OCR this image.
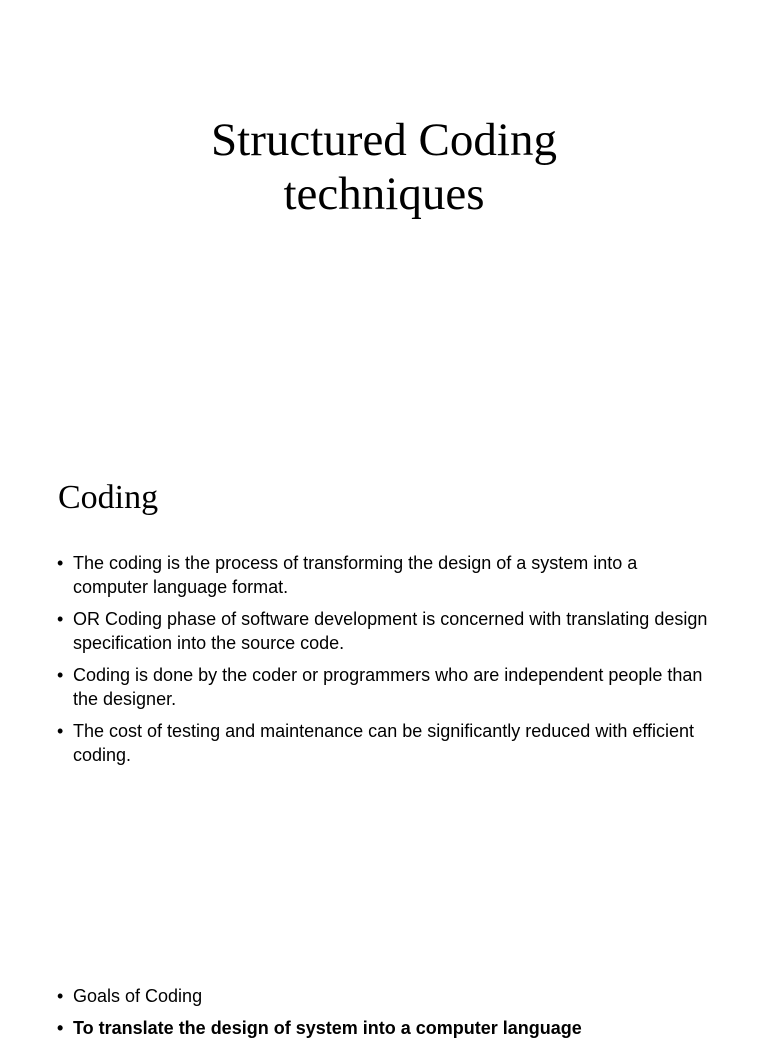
Structured Coding
techniques
Coding
• The coding is the process of transforming the design of a system into a computer language format.
• OR Coding phase of software development is concerned with translating design specification into the source code.
• Coding is done by the coder or programmers who are independent people than the designer.
• The cost of testing and maintenance can be significantly reduced with efficient coding.
• Goals of Coding
• To translate the design of system into a computer language
